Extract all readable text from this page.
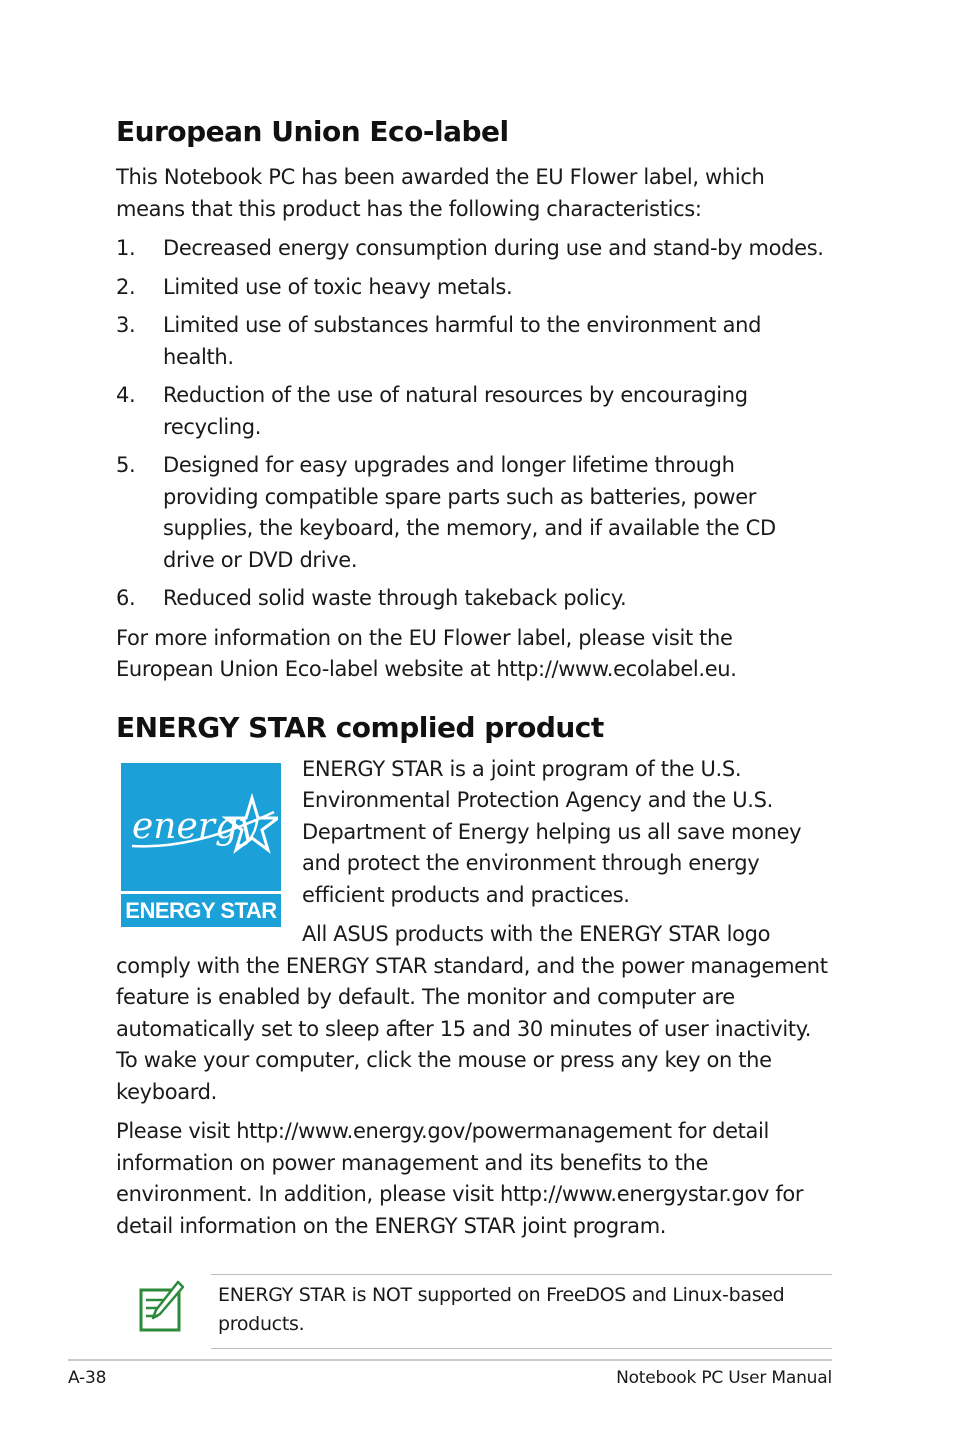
European Union Eco-label

This Notebook PC has been awarded the EU Flower label, which means that this product has the following characteristics:

1.	Decreased energy consumption during use and stand-by modes.
2.	Limited use of toxic heavy metals.
3.	Limited use of substances harmful to the environment and health.
4.	Reduction of the use of natural resources by encouraging recycling.
5.	Designed for easy upgrades and longer lifetime through providing compatible spare parts such as batteries, power supplies, the keyboard, the memory, and if available the CD drive or DVD drive.
6.	Reduced solid waste through takeback policy.

For more information on the EU Flower label, please visit the European Union Eco-label website at http://www.ecolabel.eu.

ENERGY STAR complied product
energy
ENERGY STAR

ENERGY STAR is a joint program of the U.S. Environmental Protection Agency and the U.S. Department of Energy helping us all save money and protect the environment through energy efficient products and practices.

All ASUS products with the ENERGY STAR logo comply with the ENERGY STAR standard, and the power management feature is enabled by default. The monitor and computer are automatically set to sleep after 15 and 30 minutes of user inactivity. To wake your computer, click the mouse or press any key on the keyboard.

Please visit http://www.energy.gov/powermanagement for detail information on power management and its benefits to the environment. In addition, please visit http://www.energystar.gov for detail information on the ENERGY STAR joint program.

ENERGY STAR is NOT supported on FreeDOS and Linux-based products.
A-38	Notebook PC User Manual
